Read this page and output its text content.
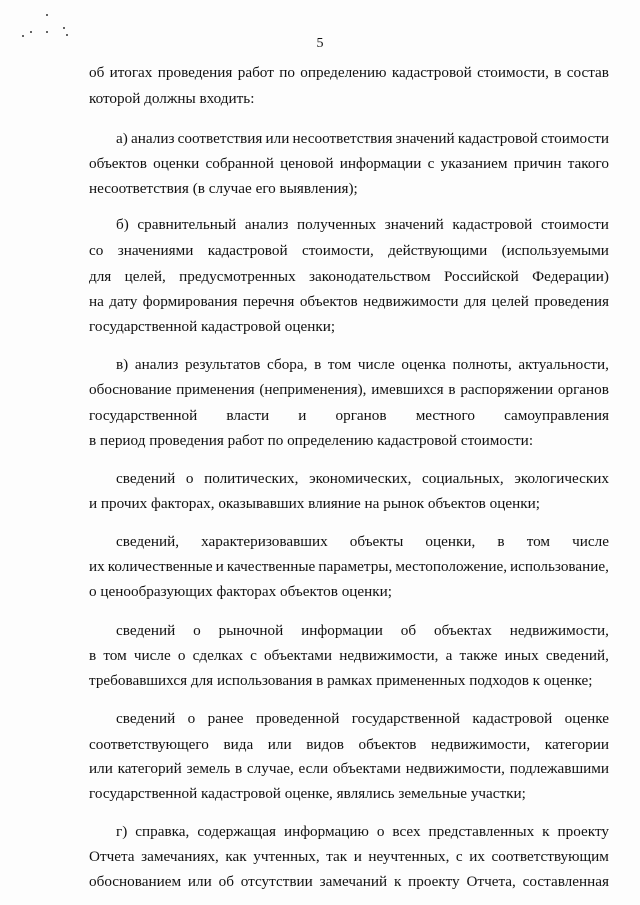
5
об итогах проведения работ по определению кадастровой стоимости, в состав
которой должны входить:
а) анализ соответствия или несоответствия значений кадастровой стоимости
объектов оценки собранной ценовой информации с указанием причин такого
несоответствия (в случае его выявления);
б) сравнительный анализ полученных значений кадастровой стоимости
со значениями кадастровой стоимости, действующими (используемыми
для целей, предусмотренных законодательством Российской Федерации)
на дату формирования перечня объектов недвижимости для целей проведения
государственной кадастровой оценки;
в) анализ результатов сбора, в том числе оценка полноты, актуальности,
обоснование применения (неприменения), имевшихся в распоряжении органов
государственной власти и органов местного самоуправления
в период проведения работ по определению кадастровой стоимости:
сведений о политических, экономических, социальных, экологических
и прочих факторах, оказывавших влияние на рынок объектов оценки;
сведений, характеризовавших объекты оценки, в том числе
их количественные и качественные параметры, местоположение, использование,
о ценообразующих факторах объектов оценки;
сведений о рыночной информации об объектах недвижимости,
в том числе о сделках с объектами недвижимости, а также иных сведений,
требовавшихся для использования в рамках примененных подходов к оценке;
сведений о ранее проведенной государственной кадастровой оценке
соответствующего вида или видов объектов недвижимости, категории
или категорий земель в случае, если объектами недвижимости, подлежавшими
государственной кадастровой оценке, являлись земельные участки;
г) справка, содержащая информацию о всех представленных к проекту
Отчета замечаниях, как учтенных, так и неучтенных, с их соответствующим
обоснованием или об отсутствии замечаний к проекту Отчета, составленная
